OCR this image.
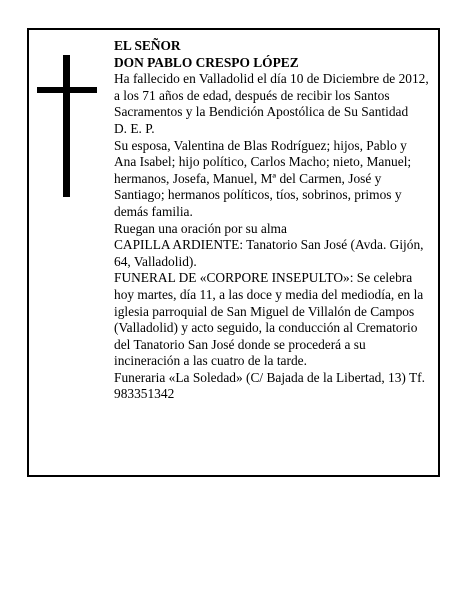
EL SEÑOR

DON PABLO CRESPO LÓPEZ

Ha fallecido en Valladolid el día 10 de Diciembre de 2012, a los 71 años de edad, después de recibir los Santos Sacramentos y la Bendición Apostólica de Su Santidad

D. E. P.

Su esposa, Valentina de Blas Rodríguez; hijos, Pablo y Ana Isabel; hijo político, Carlos Macho; nieto, Manuel; hermanos, Josefa, Manuel, Mª del Carmen, José y Santiago; hermanos políticos, tíos, sobrinos, primos y demás familia.

Ruegan una oración por su alma

CAPILLA ARDIENTE: Tanatorio San José (Avda. Gijón, 64, Valladolid).

FUNERAL DE «CORPORE INSEPULTO»: Se celebra hoy martes, día 11, a las doce y media del mediodía, en la iglesia parroquial de San Miguel de Villalón de Campos (Valladolid) y acto seguido, la conducción al Crematorio del Tanatorio San José donde se procederá a su incineración a las cuatro de la tarde.

Funeraria «La Soledad» (C/ Bajada de la Libertad, 13) Tf. 983351342
